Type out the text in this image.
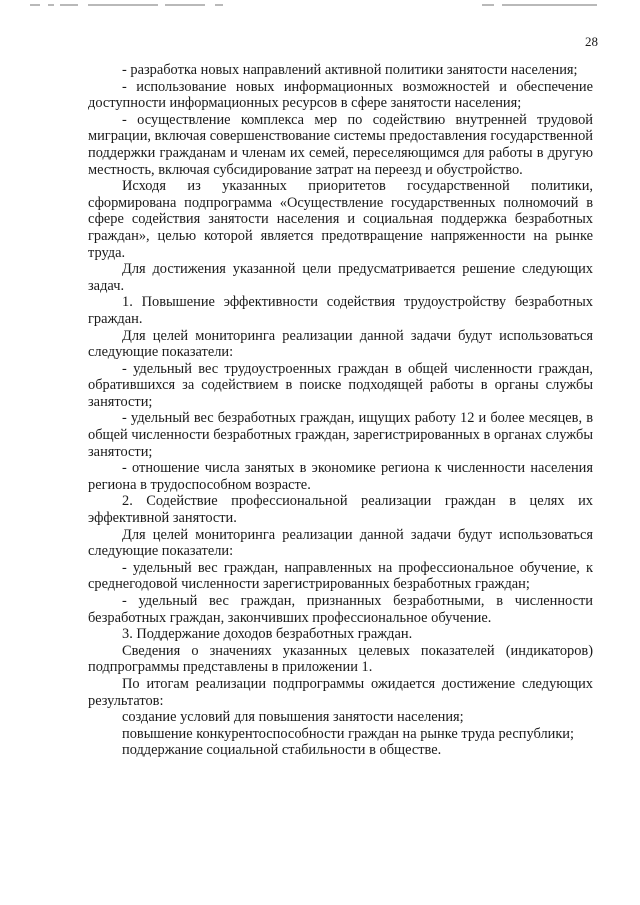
28

- разработка новых направлений активной политики занятости населения;

- использование новых информационных возможностей и обеспечение доступности информационных ресурсов в сфере занятости населения;

- осуществление комплекса мер по содействию внутренней трудовой миграции, включая совершенствование системы предоставления государственной поддержки гражданам и членам их семей, переселяющимся для работы в другую местность, включая субсидирование затрат на переезд и обустройство.

Исходя из указанных приоритетов государственной политики, сформирована подпрограмма «Осуществление государственных полномочий в сфере содействия занятости населения и социальная поддержка безработных граждан», целью которой является предотвращение напряженности на рынке труда.

Для достижения указанной цели предусматривается решение следующих задач.

1. Повышение эффективности содействия трудоустройству безработных граждан.

Для целей мониторинга реализации данной задачи будут использоваться следующие показатели:

- удельный вес трудоустроенных граждан в общей численности граждан, обратившихся за содействием в поиске подходящей работы в органы службы занятости;

- удельный вес безработных граждан, ищущих работу 12 и более месяцев, в общей численности безработных граждан, зарегистрированных в органах службы занятости;

- отношение числа занятых в экономике региона к численности населения региона в трудоспособном возрасте.

2. Содействие профессиональной реализации граждан в целях их эффективной занятости.

Для целей мониторинга реализации данной задачи будут использоваться следующие показатели:

- удельный вес граждан, направленных на профессиональное обучение, к среднегодовой численности зарегистрированных безработных граждан;

- удельный вес граждан, признанных безработными, в численности безработных граждан, закончивших профессиональное обучение.

3. Поддержание доходов безработных граждан.

Сведения о значениях указанных целевых показателей (индикаторов) подпрограммы представлены в приложении 1.

По итогам реализации подпрограммы ожидается достижение следующих результатов:

создание условий для повышения занятости населения;

повышение конкурентоспособности граждан на рынке труда республики;

поддержание социальной стабильности в обществе.
